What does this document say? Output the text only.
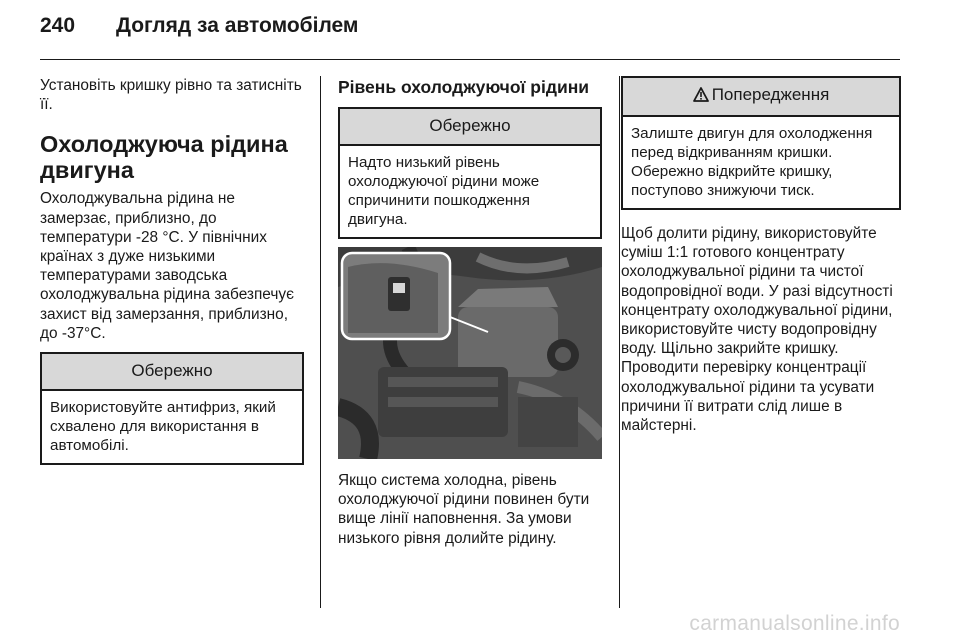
240	Догляд за автомобілем

Установіть кришку рівно та затисніть її.

Охолоджуюча рідина двигуна

Охолоджувальна рідина не замерзає, приблизно, до температури -28 °C. У північних країнах з дуже низькими температурами заводська охолоджувальна рідина забезпечує захист від замерзання, приблизно, до -37°C.

Обережно

Використовуйте антифриз, який схвалено для використання в автомобілі.

Рівень охолоджуючої рідини
Обережно

Надто низький рівень охолоджуючої рідини може спричинити пошкодження двигуна.

Якщо система холодна, рівень охолоджуючої рідини повинен бути вище лінії наповнення. За умови низького рівня долийте рідину.

Попередження

Залиште двигун для охолодження перед відкриванням кришки. Обережно відкрийте кришку, поступово знижуючи тиск.

Щоб долити рідину, використовуйте суміш 1:1 готового концентрату охолоджувальної рідини та чистої водопровідної води. У разі відсутності концентрату охолоджувальної рідини, використовуйте чисту водопровідну воду. Щільно закрийте кришку. Проводити перевірку концентрації охолоджувальної рідини та усувати причини її витрати слід лише в майстерні.

carmanualsonline.info
